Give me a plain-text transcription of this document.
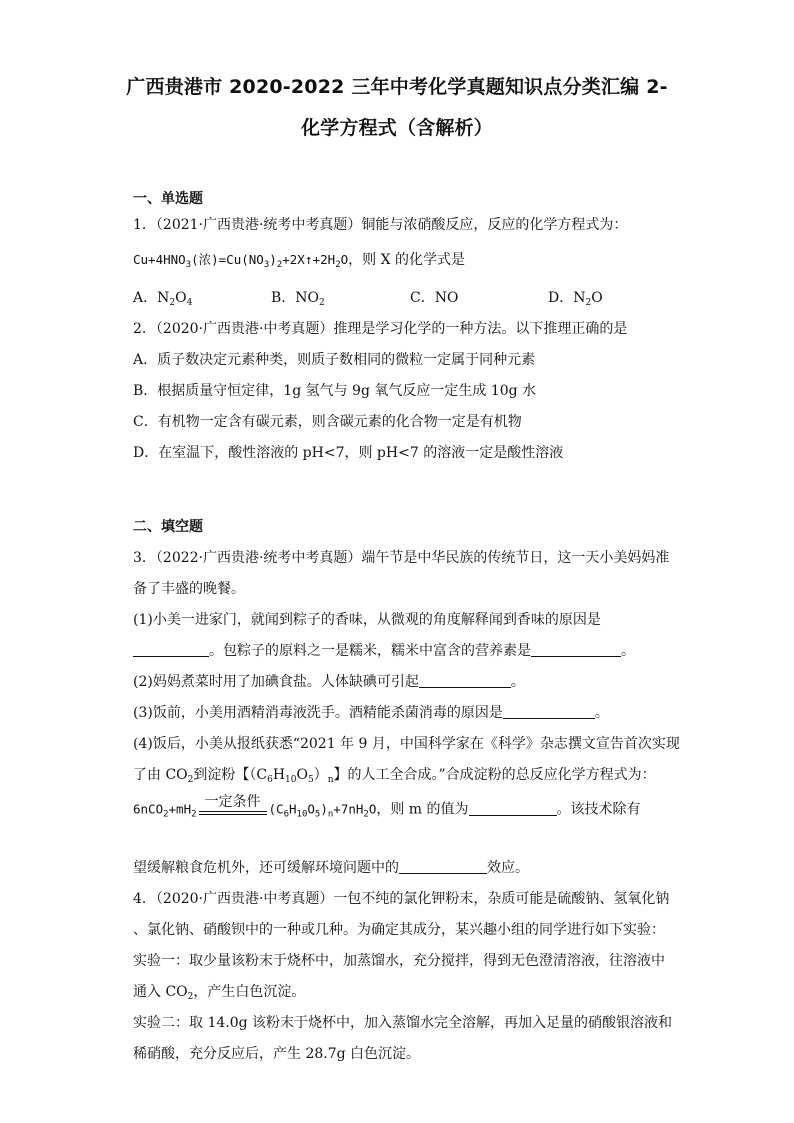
广西贵港市 2020-2022 三年中考化学真题知识点分类汇编 2-
化学方程式（含解析）
一、单选题
1．（2021·广西贵港·统考中考真题）铜能与浓硝酸反应，反应的化学方程式为：
$Cu+4HNO_3$(浓)$=Cu(NO_3)_2+2X↑+2H_2O$，则 X 的化学式是
A．$N_2O_4$	B．$NO_2$	C．NO	D．$N_2O$
2．（2020·广西贵港·中考真题）推理是学习化学的一种方法。以下推理正确的是
A．质子数决定元素种类，则质子数相同的微粒一定属于同种元素
B．根据质量守恒定律，1g 氢气与 9g 氧气反应一定生成 10g 水
C．有机物一定含有碳元素，则含碳元素的化合物一定是有机物
D．在室温下，酸性溶液的 pH<7，则 pH<7 的溶液一定是酸性溶液
二、填空题
3．（2022·广西贵港·统考中考真题）端午节是中华民族的传统节日，这一天小美妈妈准
备了丰盛的晚餐。
(1)小美一进家门，就闻到粽子的香味，从微观的角度解释闻到香味的原因是
。包粽子的原料之一是糯米，糯米中富含的营养素是	。
(2)妈妈煮菜时用了加碘食盐。人体缺碘可引起	。
(3)饭前，小美用酒精消毒液洗手。酒精能杀菌消毒的原因是	。
(4)饭后，小美从报纸获悉“2021 年 9 月，中国科学家在《科学》杂志撰文宣告首次实现
了由 $CO_2$到淀粉【$(C_6H_{10}O_5)_n$】的人工全合成。”合成淀粉的总反应化学方程式为：
$6nCO_2+mH_2$
一定条件 $(C_6H_{10}O_5)_n+7nH_2O$，则 m 的值为	。该技术除有
望缓解粮食危机外，还可缓解环境问题中的	效应。
4．（2020·广西贵港·中考真题）一包不纯的氯化钾粉末，杂质可能是硫酸钠、氢氧化钠
、氯化钠、硝酸钡中的一种或几种。为确定其成分，某兴趣小组的同学进行如下实验：
实验一：取少量该粉末于烧杯中，加蒸馏水，充分搅拌，得到无色澄清溶液，往溶液中
通入 $CO_2$，产生白色沉淀。
实验二：取 14.0g 该粉末于烧杯中，加入蒸馏水完全溶解，再加入足量的硝酸银溶液和
稀硝酸，充分反应后，产生 28.7g 白色沉淀。
